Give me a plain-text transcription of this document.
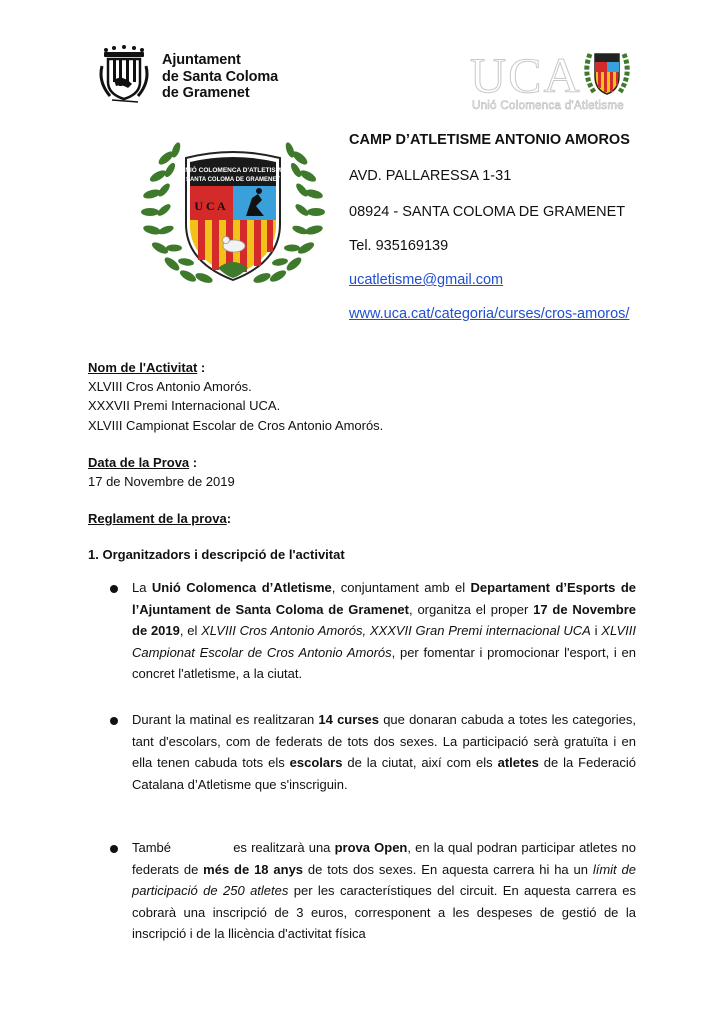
Ajuntament
de Santa Coloma
de Gramenet	UCA
Unió Colomenca d'Atletisme
UNIÓ COLOMENCA D'ATLETISME
SANTA COLOMA DE GRAMENET
U C A
CAMP D’ATLETISME ANTONIO AMOROS
AVD. PALLARESSA 1-31
08924 - SANTA COLOMA DE GRAMENET
Tel. 935169139
ucatletisme@gmail.com
www.uca.cat/categoria/curses/cros-amoros/
Nom de l'Activitat :
XLVIII Cros Antonio Amorós.
XXXVII Premi Internacional UCA.
XLVIII Campionat Escolar de Cros Antonio Amorós.
Data de la Prova :
17 de Novembre de 2019
Reglament de la prova:
1. Organitzadors i descripció de l'activitat
La Unió Colomenca d’Atletisme, conjuntament amb el Departament d’Esports de l’Ajuntament de Santa Coloma de Gramenet, organitza el proper 17 de Novembre de 2019, el XLVIII Cros Antonio Amorós, XXXVII Gran Premi internacional UCA i XLVIII Campionat Escolar de Cros Antonio Amorós, per fomentar i promocionar l'esport, i en concret l'atletisme, a la ciutat.
Durant la matinal es realitzaran 14 curses que donaran cabuda a totes les categories, tant d'escolars, com de federats de tots dos sexes. La participació serà gratuïta i en ella tenen cabuda tots els escolars de la ciutat, així com els atletes de la Federació Catalana d’Atletisme que s'inscriguin.
També	es realitzarà una prova Open, en la qual podran participar atletes no federats de més de 18 anys de tots dos sexes. En aquesta carrera hi ha un límit de participació de 250 atletes per les característiques del circuit. En aquesta carrera es cobrarà una inscripció de 3 euros, corresponent a les despeses de gestió de la inscripció i de la llicència d'activitat física
